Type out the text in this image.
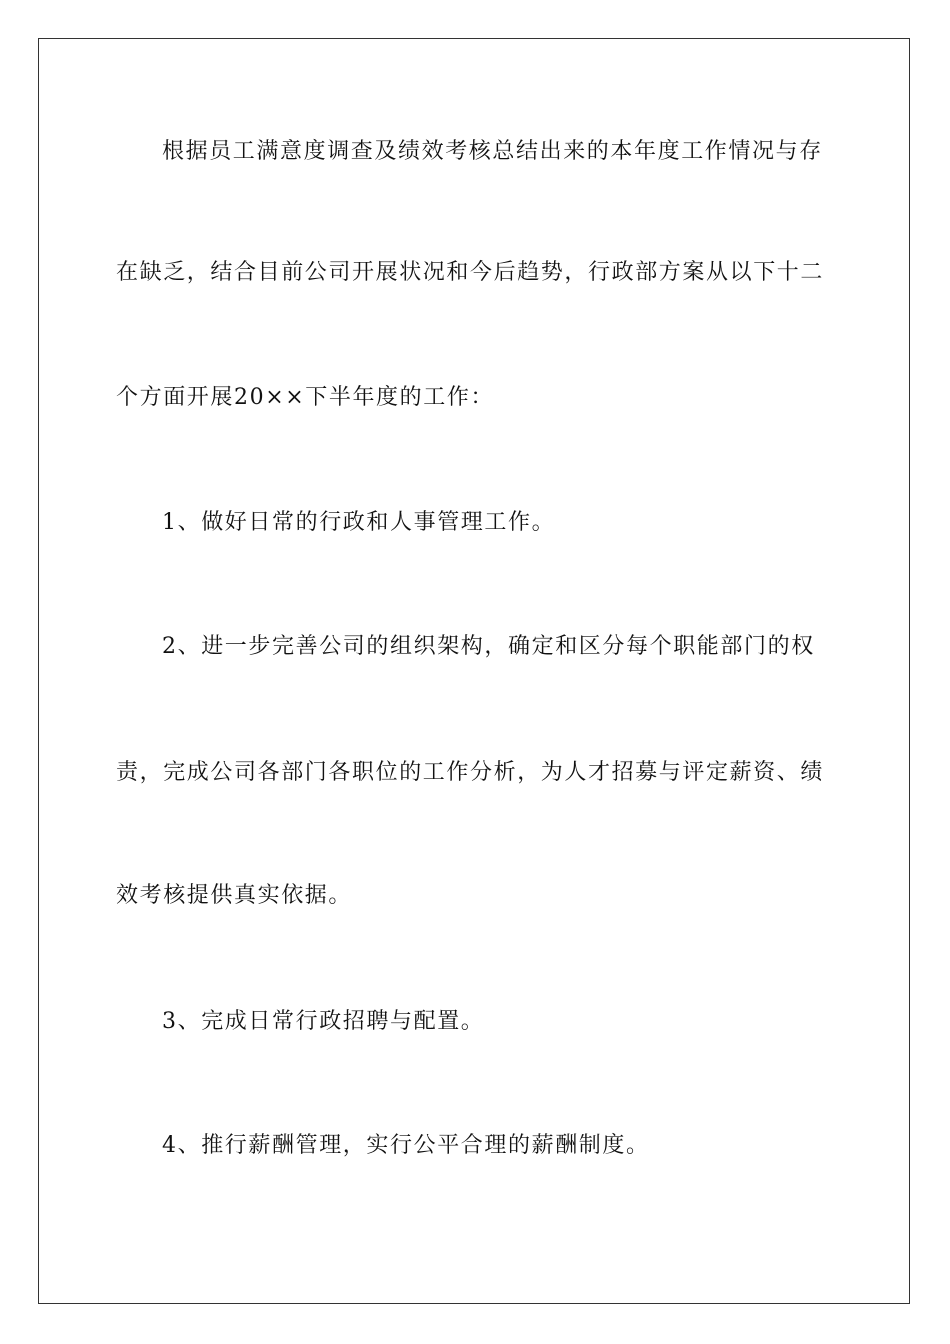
根据员工满意度调查及绩效考核总结出来的本年度工作情况与存
在缺乏，结合目前公司开展状况和今后趋势，行政部方案从以下十二
个方面开展20××下半年度的工作：
1、做好日常的行政和人事管理工作。
2、进一步完善公司的组织架构，确定和区分每个职能部门的权
责，完成公司各部门各职位的工作分析，为人才招募与评定薪资、绩
效考核提供真实依据。
3、完成日常行政招聘与配置。
4、推行薪酬管理，实行公平合理的薪酬制度。
